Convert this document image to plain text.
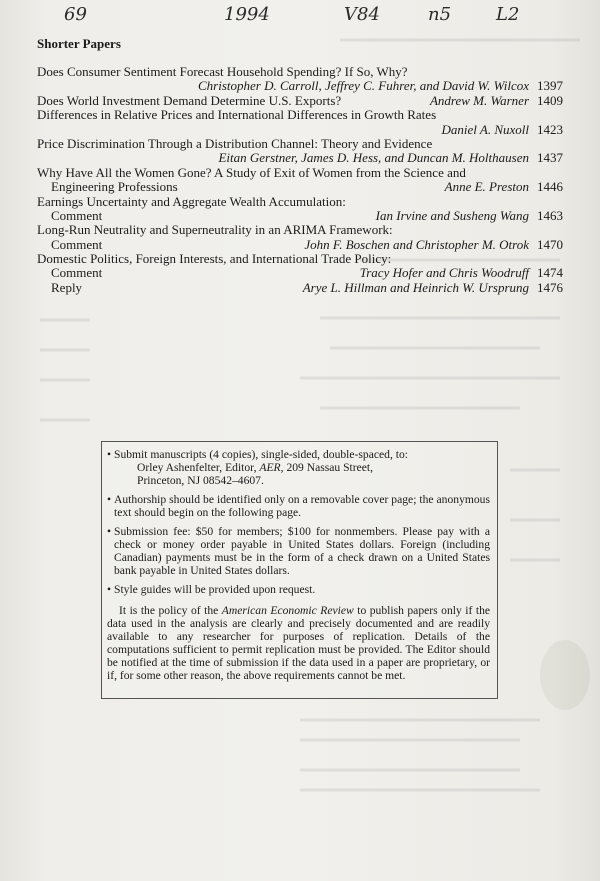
69	1994	V84	n5 L2
Shorter Papers
Does Consumer Sentiment Forecast Household Spending? If So, Why?
Christopher D. Carroll, Jeffrey C. Fuhrer, and David W. Wilcox 1397
Does World Investment Demand Determine U.S. Exports?	Andrew M. Warner 1409
Differences in Relative Prices and International Differences in Growth Rates
Daniel A. Nuxoll 1423
Price Discrimination Through a Distribution Channel: Theory and Evidence
Eitan Gerstner, James D. Hess, and Duncan M. Holthausen 1437
Why Have All the Women Gone? A Study of Exit of Women from the Science and
Engineering Professions	Anne E. Preston 1446
Earnings Uncertainty and Aggregate Wealth Accumulation:
Comment	Ian Irvine and Susheng Wang 1463
Long-Run Neutrality and Superneutrality in an ARIMA Framework:
Comment	John F. Boschen and Christopher M. Otrok 1470
Domestic Politics, Foreign Interests, and International Trade Policy:
Comment	Tracy Hofer and Chris Woodruff 1474
Reply	Arye L. Hillman and Heinrich W. Ursprung 1476
• Submit manuscripts (4 copies), single-sided, double-spaced, to:
Orley Ashenfelter, Editor, AER, 209 Nassau Street,
Princeton, NJ 08542–4607.
• Authorship should be identified only on a removable cover page; the anonymous text should begin on the following page.
• Submission fee: $50 for members; $100 for nonmembers. Please pay with a check or money order payable in United States dollars. Foreign (including Canadian) payments must be in the form of a check drawn on a United States bank payable in United States dollars.
• Style guides will be provided upon request.
It is the policy of the American Economic Review to publish papers only if the data used in the analysis are clearly and precisely documented and are readily available to any researcher for purposes of replication. Details of the computations sufficient to permit replication must be provided. The Editor should be notified at the time of submission if the data used in a paper are proprietary, or if, for some other reason, the above requirements cannot be met.
